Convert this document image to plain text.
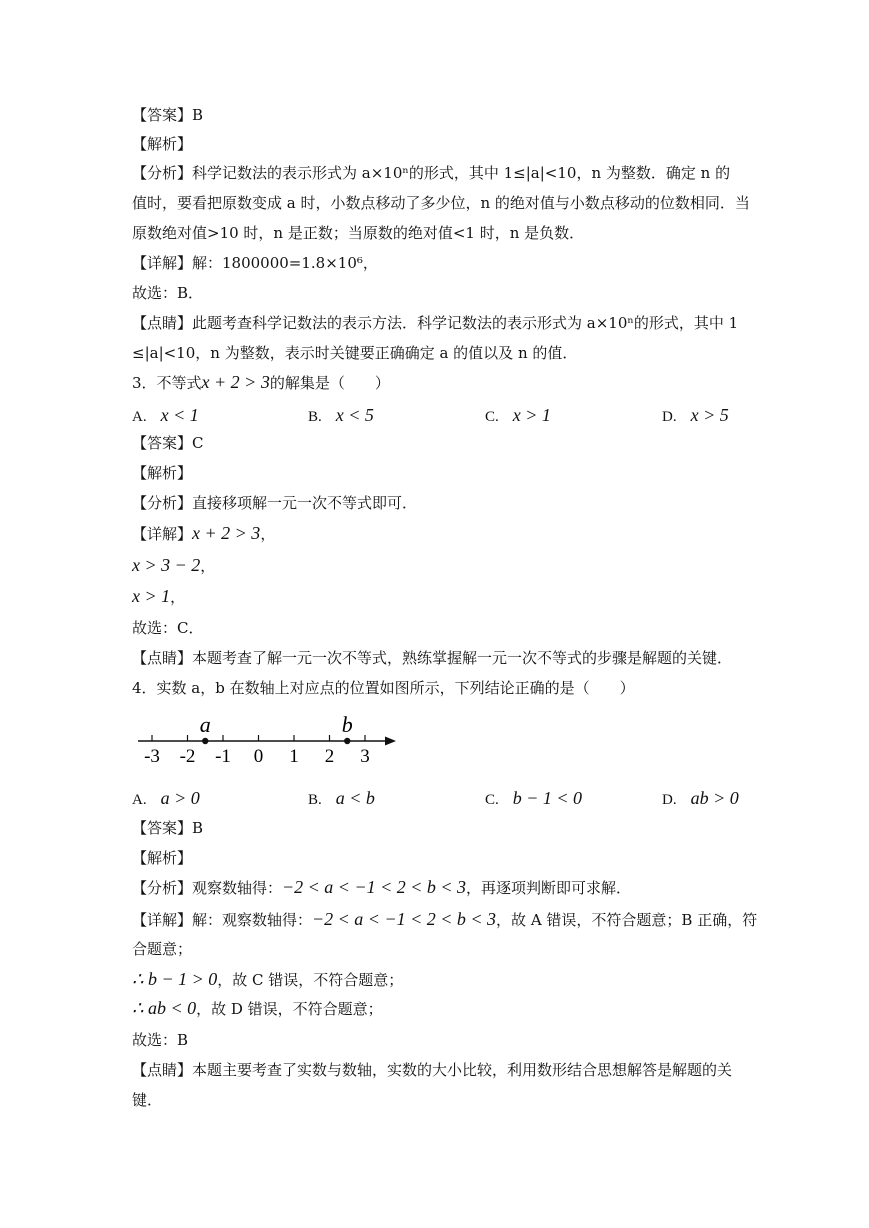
【答案】B
【解析】
【分析】科学记数法的表示形式为 a×10ⁿ的形式，其中 1≤|a|<10，n 为整数．确定 n 的
值时，要看把原数变成 a 时，小数点移动了多少位，n 的绝对值与小数点移动的位数相同．当
原数绝对值>10 时，n 是正数；当原数的绝对值<1 时，n 是负数．
【详解】解：1800000=1.8×10⁶，
故选：B．
【点睛】此题考查科学记数法的表示方法．科学记数法的表示形式为 a×10ⁿ的形式，其中 1
≤|a|<10，n 为整数，表示时关键要正确确定 a 的值以及 n 的值．
3．不等式x + 2 > 3的解集是（　　）
A. x < 1	B. x < 5	C. x > 1	D. x > 5
【答案】C
【解析】
【分析】直接移项解一元一次不等式即可．
【详解】x + 2 > 3，
x > 3 − 2，
x > 1，
故选：C．
【点睛】本题考查了解一元一次不等式，熟练掌握解一元一次不等式的步骤是解题的关键．
4．实数 a，b 在数轴上对应点的位置如图所示，下列结论正确的是（　　）
-3 -2 -1 0 1 2 3
a	b
A. a > 0	B. a < b	C. b − 1 < 0	D. ab > 0
【答案】B
【解析】
【分析】观察数轴得：−2 < a < −1 < 2 < b < 3，再逐项判断即可求解．
【详解】解：观察数轴得：−2 < a < −1 < 2 < b < 3，故 A 错误，不符合题意；B 正确，符
合题意；
∴ b − 1 > 0，故 C 错误，不符合题意；
∴ ab < 0，故 D 错误，不符合题意；
故选：B
【点睛】本题主要考查了实数与数轴，实数的大小比较，利用数形结合思想解答是解题的关
键．
